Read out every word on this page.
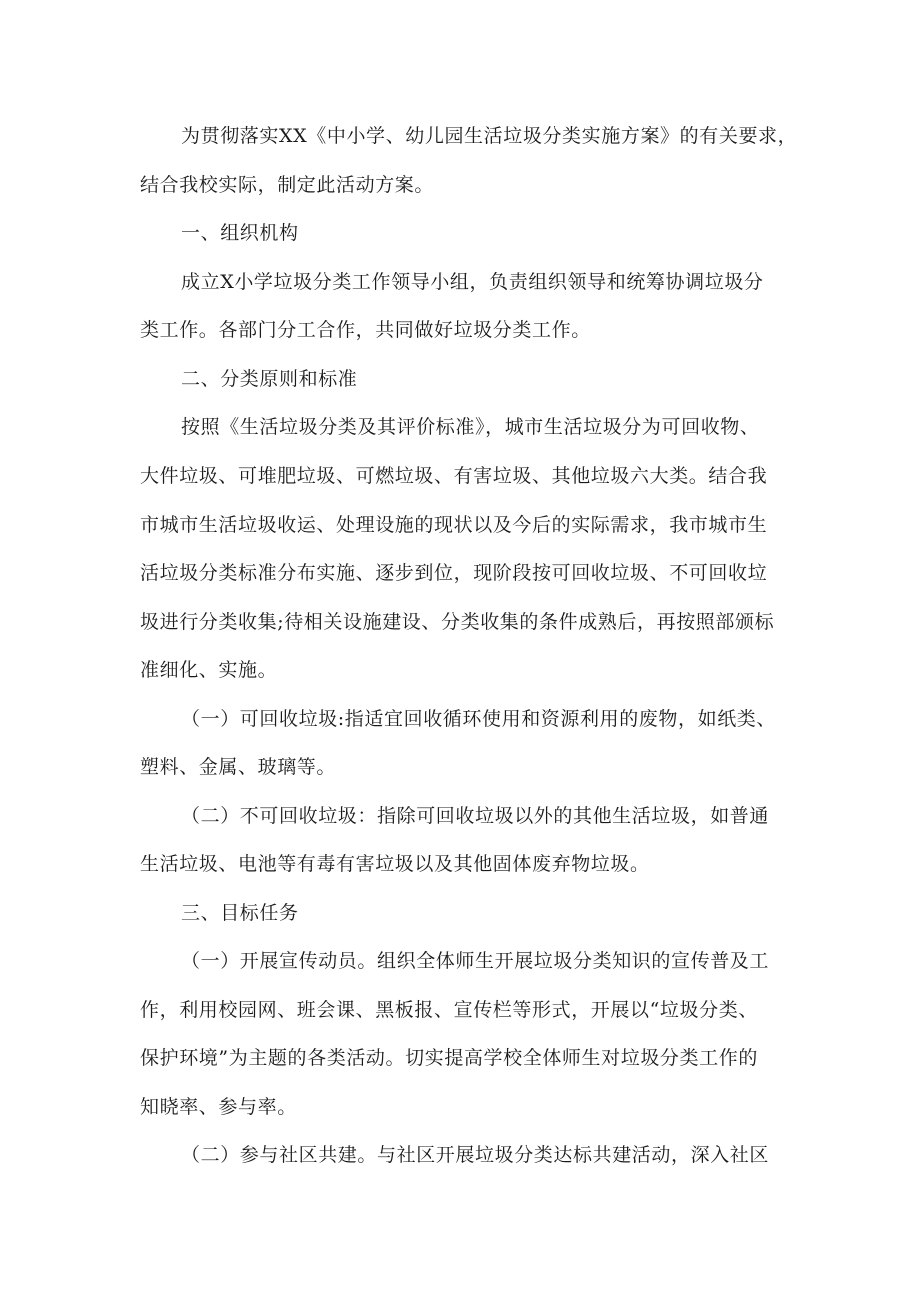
为贯彻落实XX《中小学、幼儿园生活垃圾分类实施方案》的有关要求，
结合我校实际，制定此活动方案。
一、组织机构
成立X小学垃圾分类工作领导小组，负责组织领导和统筹协调垃圾分
类工作。各部门分工合作，共同做好垃圾分类工作。
二、分类原则和标准
按照《生活垃圾分类及其评价标准》，城市生活垃圾分为可回收物、
大件垃圾、可堆肥垃圾、可燃垃圾、有害垃圾、其他垃圾六大类。结合我
市城市生活垃圾收运、处理设施的现状以及今后的实际需求，我市城市生
活垃圾分类标准分布实施、逐步到位，现阶段按可回收垃圾、不可回收垃
圾进行分类收集;待相关设施建设、分类收集的条件成熟后，再按照部颁标
准细化、实施。
（一）可回收垃圾:指适宜回收循环使用和资源利用的废物，如纸类、
塑料、金属、玻璃等。
（二）不可回收垃圾：指除可回收垃圾以外的其他生活垃圾，如普通
生活垃圾、电池等有毒有害垃圾以及其他固体废弃物垃圾。
三、目标任务
（一）开展宣传动员。组织全体师生开展垃圾分类知识的宣传普及工
作，利用校园网、班会课、黑板报、宣传栏等形式，开展以“垃圾分类、
保护环境”为主题的各类活动。切实提高学校全体师生对垃圾分类工作的
知晓率、参与率。
（二）参与社区共建。与社区开展垃圾分类达标共建活动，深入社区
